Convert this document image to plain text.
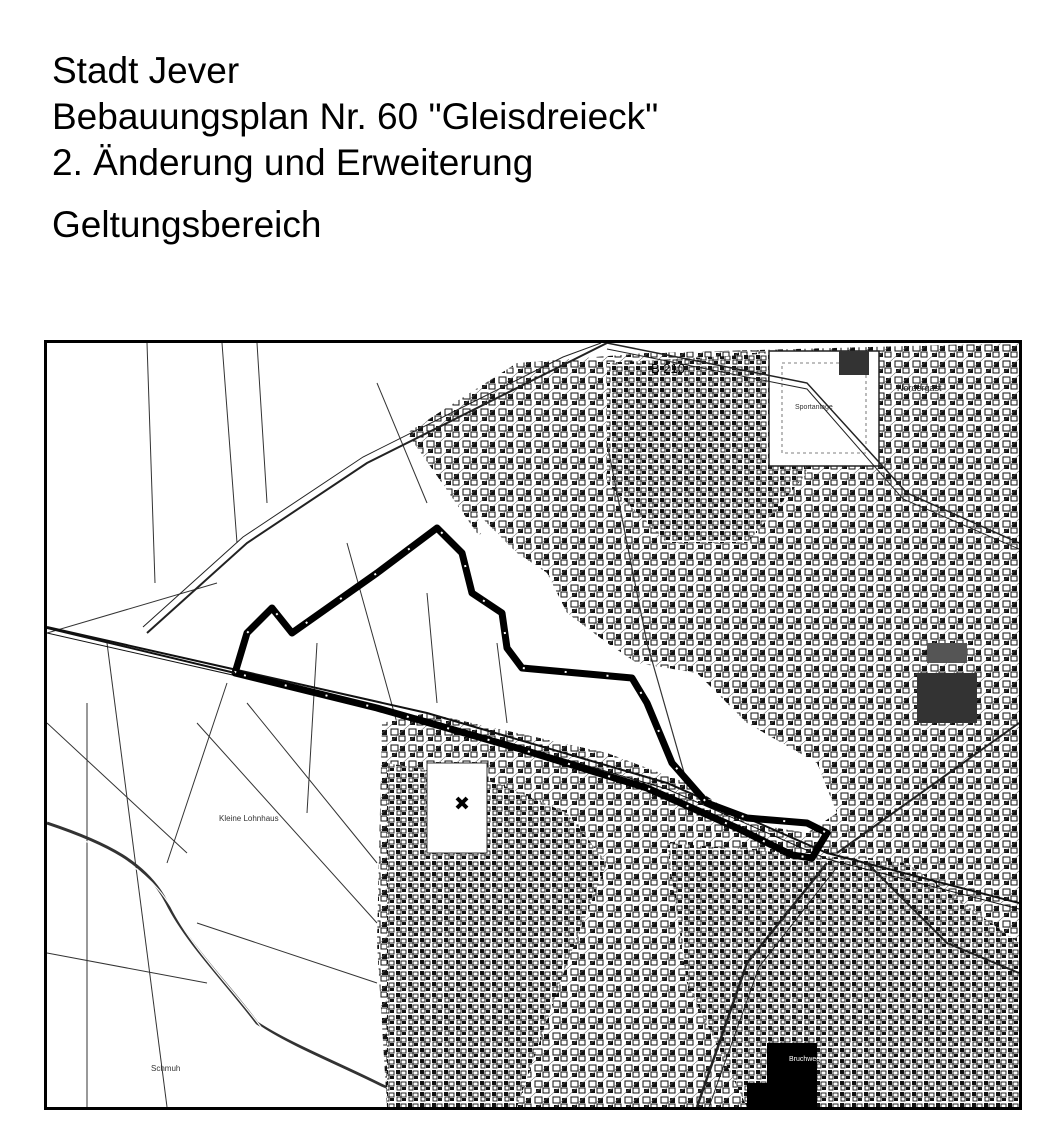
Stadt Jever
Bebauungsplan Nr. 60 "Gleisdreieck"
2. Änderung und Erweiterung
Geltungsbereich
Sportanlage
B 210
Nordergast
Kleine Lohnhaus
Schmuh
Bruchweg
